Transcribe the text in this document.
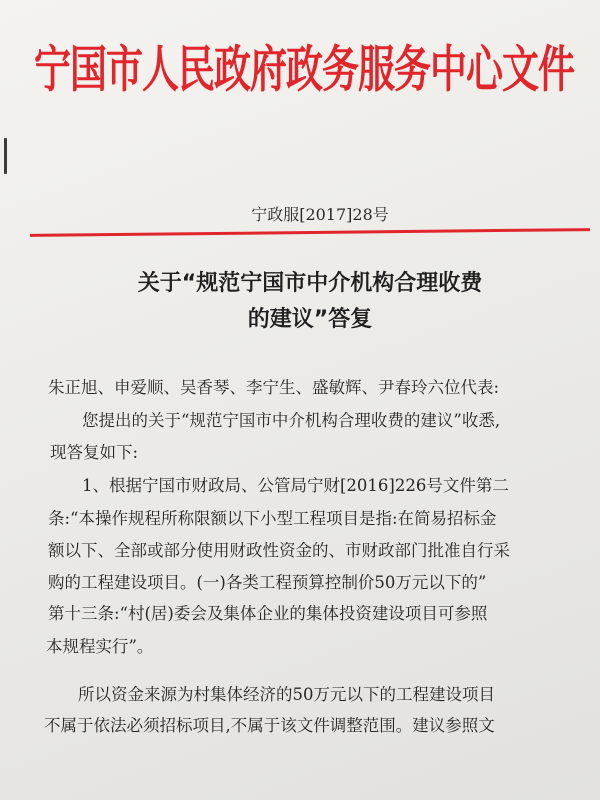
宁国市人民政府政务服务中心文件
宁政服[2017]28号
关于“规范宁国市中介机构合理收费
的建议”答复
朱正旭、申爱顺、吴香琴、李宁生、盛敏辉、尹春玲六位代表:
您提出的关于“规范宁国市中介机构合理收费的建议”收悉,
现答复如下:
1、根据宁国市财政局、公管局宁财[2016]226号文件第二
条:“本操作规程所称限额以下小型工程项目是指:在简易招标金
额以下、全部或部分使用财政性资金的、市财政部门批准自行采
购的工程建设项目。(一)各类工程预算控制价50万元以下的”
第十三条:“村(居)委会及集体企业的集体投资建设项目可参照
本规程实行”。
所以资金来源为村集体经济的50万元以下的工程建设项目
不属于依法必须招标项目,不属于该文件调整范围。建议参照文
